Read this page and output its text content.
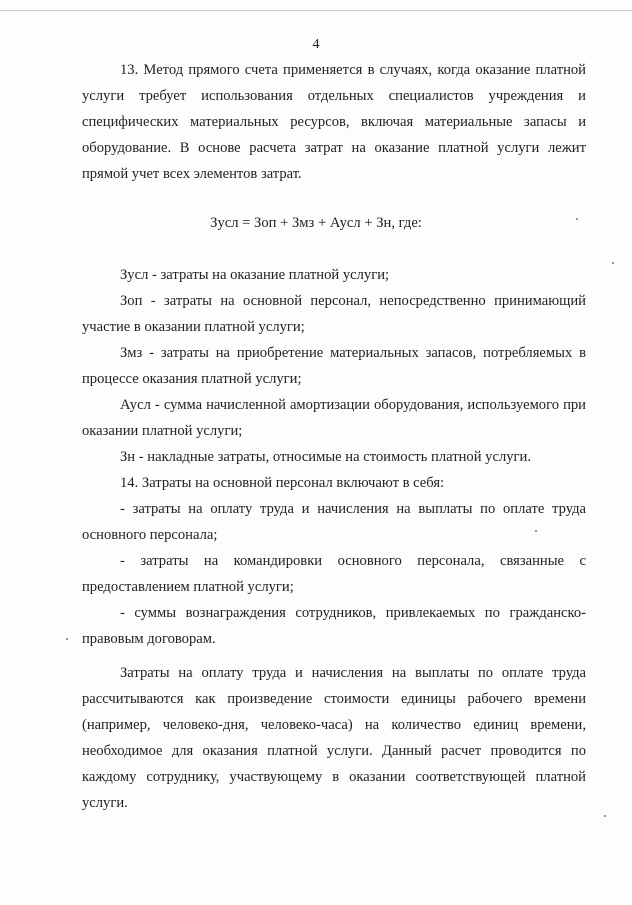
4

13. Метод прямого счета применяется в случаях, когда оказание платной услуги требует использования отдельных специалистов учреждения и специфических материальных ресурсов, включая материальные запасы и оборудование. В основе расчета затрат на оказание платной услуги лежит прямой учет всех элементов затрат.

Зусл = Зоп + Змз + Аусл + Зн, где:

Зусл - затраты на оказание платной услуги;

Зоп - затраты на основной персонал, непосредственно принимающий участие в оказании платной услуги;

Змз - затраты на приобретение материальных запасов, потребляемых в процессе оказания платной услуги;

Аусл - сумма начисленной амортизации оборудования, используемого при оказании платной услуги;

Зн - накладные затраты, относимые на стоимость платной услуги.

14. Затраты на основной персонал включают в себя:

- затраты на оплату труда и начисления на выплаты по оплате труда основного персонала;

- затраты на командировки основного персонала, связанные с предоставлением платной услуги;

- суммы вознаграждения сотрудников, привлекаемых по гражданско-правовым договорам.

Затраты на оплату труда и начисления на выплаты по оплате труда рассчитываются как произведение стоимости единицы рабочего времени (например, человеко-дня, человеко-часа) на количество единиц времени, необходимое для оказания платной услуги. Данный расчет проводится по каждому сотруднику, участвующему в оказании соответствующей платной услуги.
